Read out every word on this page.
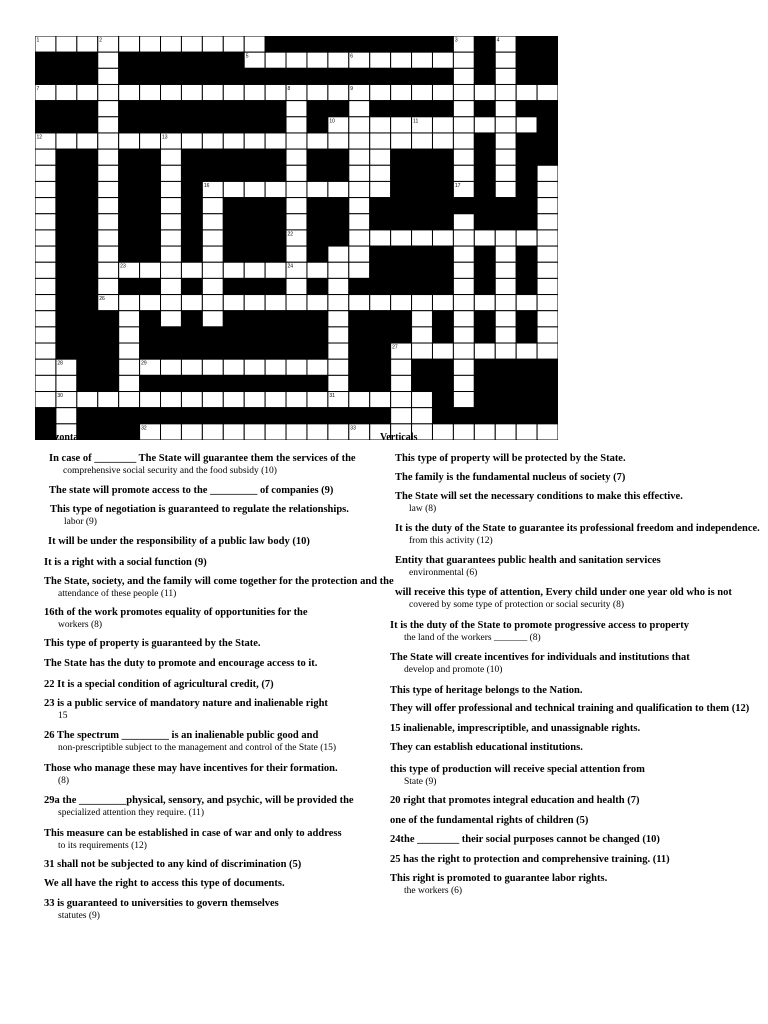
1	2	3	4
5	6
7	8	9
10	11
12	13
14
15
16	17
18	19
20
21	22
23	24	25
26
27
28	29
30	31
32	33
Horizontals	Verticals
In case of ________ The State will guarantee them the services of the
comprehensive social security and the food subsidy (10)
The state will promote access to the _________ of companies (9)
This type of negotiation is guaranteed to regulate the relationships.
labor (9)
It will be under the responsibility of a public law body (10)
It is a right with a social function (9)
The State, society, and the family will come together for the protection and the
attendance of these people (11)
16th of the work promotes equality of opportunities for the
workers (8)
This type of property is guaranteed by the State.
The State has the duty to promote and encourage access to it.
22 It is a special condition of agricultural credit, (7)
23 is a public service of mandatory nature and inalienable right
15
26 The spectrum _________ is an inalienable public good and
non-prescriptible subject to the management and control of the State (15)
Those who manage these may have incentives for their formation.
(8)
29a the _________physical, sensory, and psychic, will be provided the
specialized attention they require. (11)
This measure can be established in case of war and only to address
to its requirements (12)
31 shall not be subjected to any kind of discrimination (5)
We all have the right to access this type of documents.
33 is guaranteed to universities to govern themselves
statutes (9)
This type of property will be protected by the State.
The family is the fundamental nucleus of society (7)
The State will set the necessary conditions to make this effective.
law (8)
It is the duty of the State to guarantee its professional freedom and independence.
from this activity (12)
Entity that guarantees public health and sanitation services
environmental (6)
will receive this type of attention, Every child under one year old who is not
covered by some type of protection or social security (8)
It is the duty of the State to promote progressive access to property
the land of the workers _______ (8)
The State will create incentives for individuals and institutions that
develop and promote (10)
This type of heritage belongs to the Nation.
They will offer professional and technical training and qualification to them (12)
15 inalienable, imprescriptible, and unassignable rights.
They can establish educational institutions.
this type of production will receive special attention from
State (9)
20 right that promotes integral education and health (7)
one of the fundamental rights of children (5)
24the ________ their social purposes cannot be changed (10)
25 has the right to protection and comprehensive training. (11)
This right is promoted to guarantee labor rights.
the workers (6)
